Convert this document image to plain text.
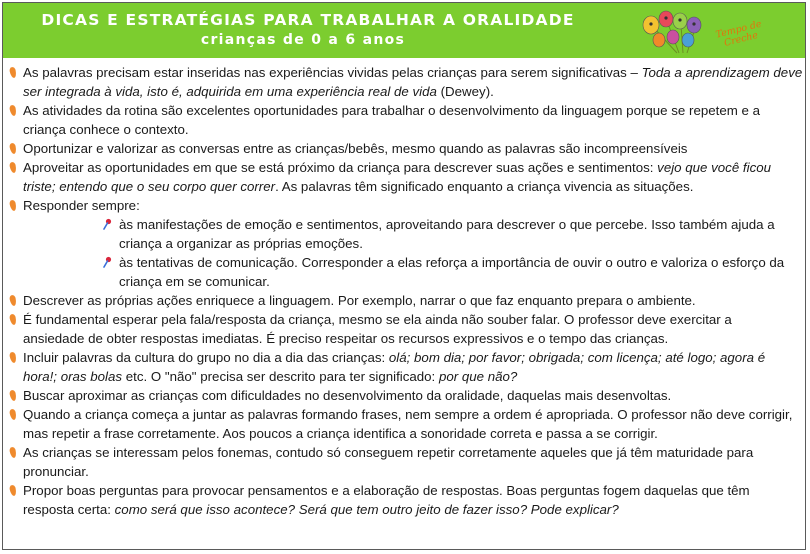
DICAS E ESTRATÉGIAS PARA TRABALHAR A ORALIDADE
crianças de 0 a 6 anos	Tempo de Creche
As palavras precisam estar inseridas nas experiências vividas pelas crianças para serem significativas – Toda a aprendizagem deve
ser integrada à vida, isto é, adquirida em uma experiência real de vida (Dewey).
As atividades da rotina são excelentes oportunidades para trabalhar o desenvolvimento da linguagem porque se repetem e a
criança conhece o contexto.
Oportunizar e valorizar as conversas entre as crianças/bebês, mesmo quando as palavras são incompreensíveis
Aproveitar as oportunidades em que se está próximo da criança para descrever suas ações e sentimentos: vejo que você ficou
triste; entendo que o seu corpo quer correr. As palavras têm significado enquanto a criança vivencia as situações.
Responder sempre:
às manifestações de emoção e sentimentos, aproveitando para descrever o que percebe. Isso também ajuda a
criança a organizar as próprias emoções.
às tentativas de comunicação. Corresponder a elas reforça a importância de ouvir o outro e valoriza o esforço da
criança em se comunicar.
Descrever as próprias ações enriquece a linguagem. Por exemplo, narrar o que faz enquanto prepara o ambiente.
É fundamental esperar pela fala/resposta da criança, mesmo se ela ainda não souber falar. O professor deve exercitar a
ansiedade de obter respostas imediatas. É preciso respeitar os recursos expressivos e o tempo das crianças.
Incluir palavras da cultura do grupo no dia a dia das crianças: olá; bom dia; por favor; obrigada; com licença; até logo; agora é
hora!; oras bolas etc. O "não" precisa ser descrito para ter significado: por que não?
Buscar aproximar as crianças com dificuldades no desenvolvimento da oralidade, daquelas mais desenvoltas.
Quando a criança começa a juntar as palavras formando frases, nem sempre a ordem é apropriada. O professor não deve corrigir,
mas repetir a frase corretamente. Aos poucos a criança identifica a sonoridade correta e passa a se corrigir.
As crianças se interessam pelos fonemas, contudo só conseguem repetir corretamente aqueles que já têm maturidade para
pronunciar.
Propor boas perguntas para provocar pensamentos e a elaboração de respostas. Boas perguntas fogem daquelas que têm
resposta certa: como será que isso acontece? Será que tem outro jeito de fazer isso? Pode explicar?
